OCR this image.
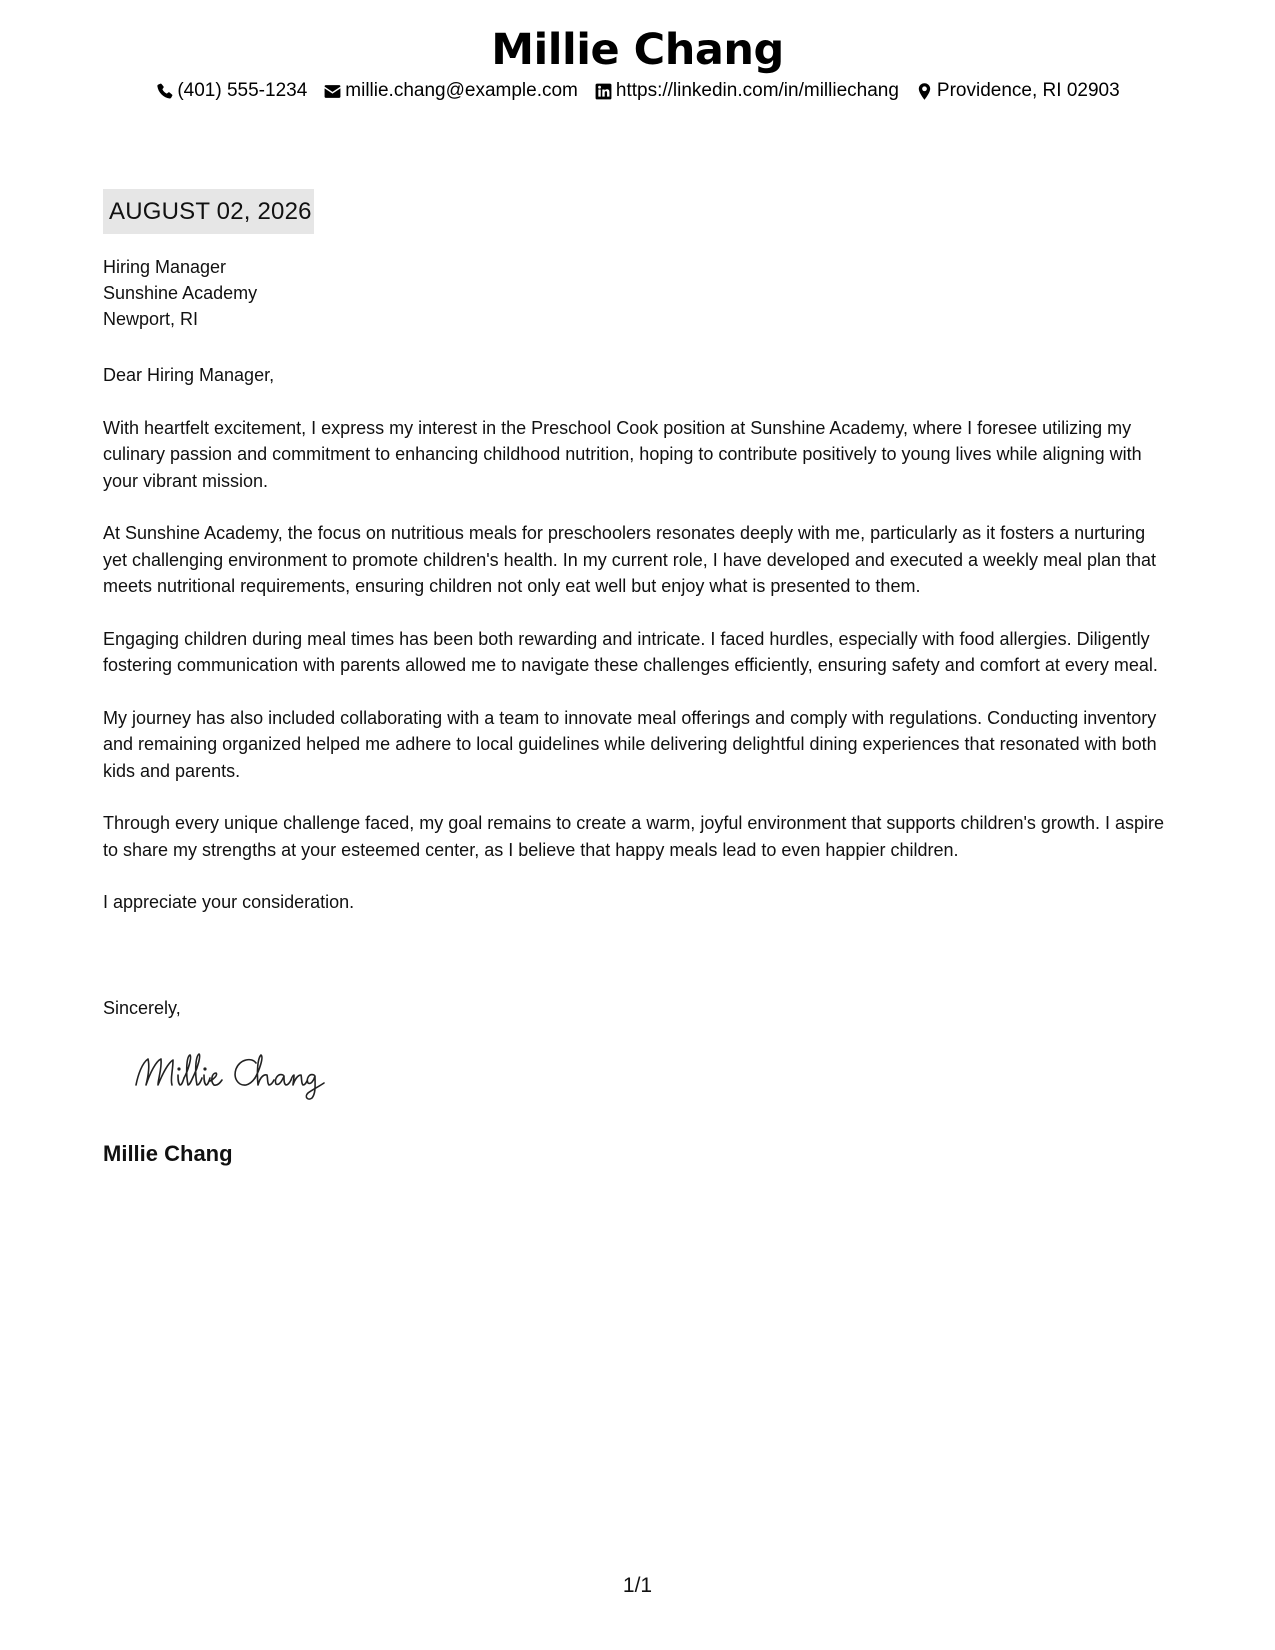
Millie Chang
(401) 555-1234 millie.chang@example.com https://linkedin.com/in/milliechang Providence, RI 02903
AUGUST 02, 2026
Hiring Manager
Sunshine Academy
Newport, RI

Dear Hiring Manager,

With heartfelt excitement, I express my interest in the Preschool Cook position at Sunshine Academy, where I foresee utilizing my culinary passion and commitment to enhancing childhood nutrition, hoping to contribute positively to young lives while aligning with your vibrant mission.

At Sunshine Academy, the focus on nutritious meals for preschoolers resonates deeply with me, particularly as it fosters a nurturing yet challenging environment to promote children's health. In my current role, I have developed and executed a weekly meal plan that meets nutritional requirements, ensuring children not only eat well but enjoy what is presented to them.

Engaging children during meal times has been both rewarding and intricate. I faced hurdles, especially with food allergies. Diligently fostering communication with parents allowed me to navigate these challenges efficiently, ensuring safety and comfort at every meal.

My journey has also included collaborating with a team to innovate meal offerings and comply with regulations. Conducting inventory and remaining organized helped me adhere to local guidelines while delivering delightful dining experiences that resonated with both kids and parents.

Through every unique challenge faced, my goal remains to create a warm, joyful environment that supports children's growth. I aspire to share my strengths at your esteemed center, as I believe that happy meals lead to even happier children.

I appreciate your consideration.

Sincerely,
Millie Chang
1/1
